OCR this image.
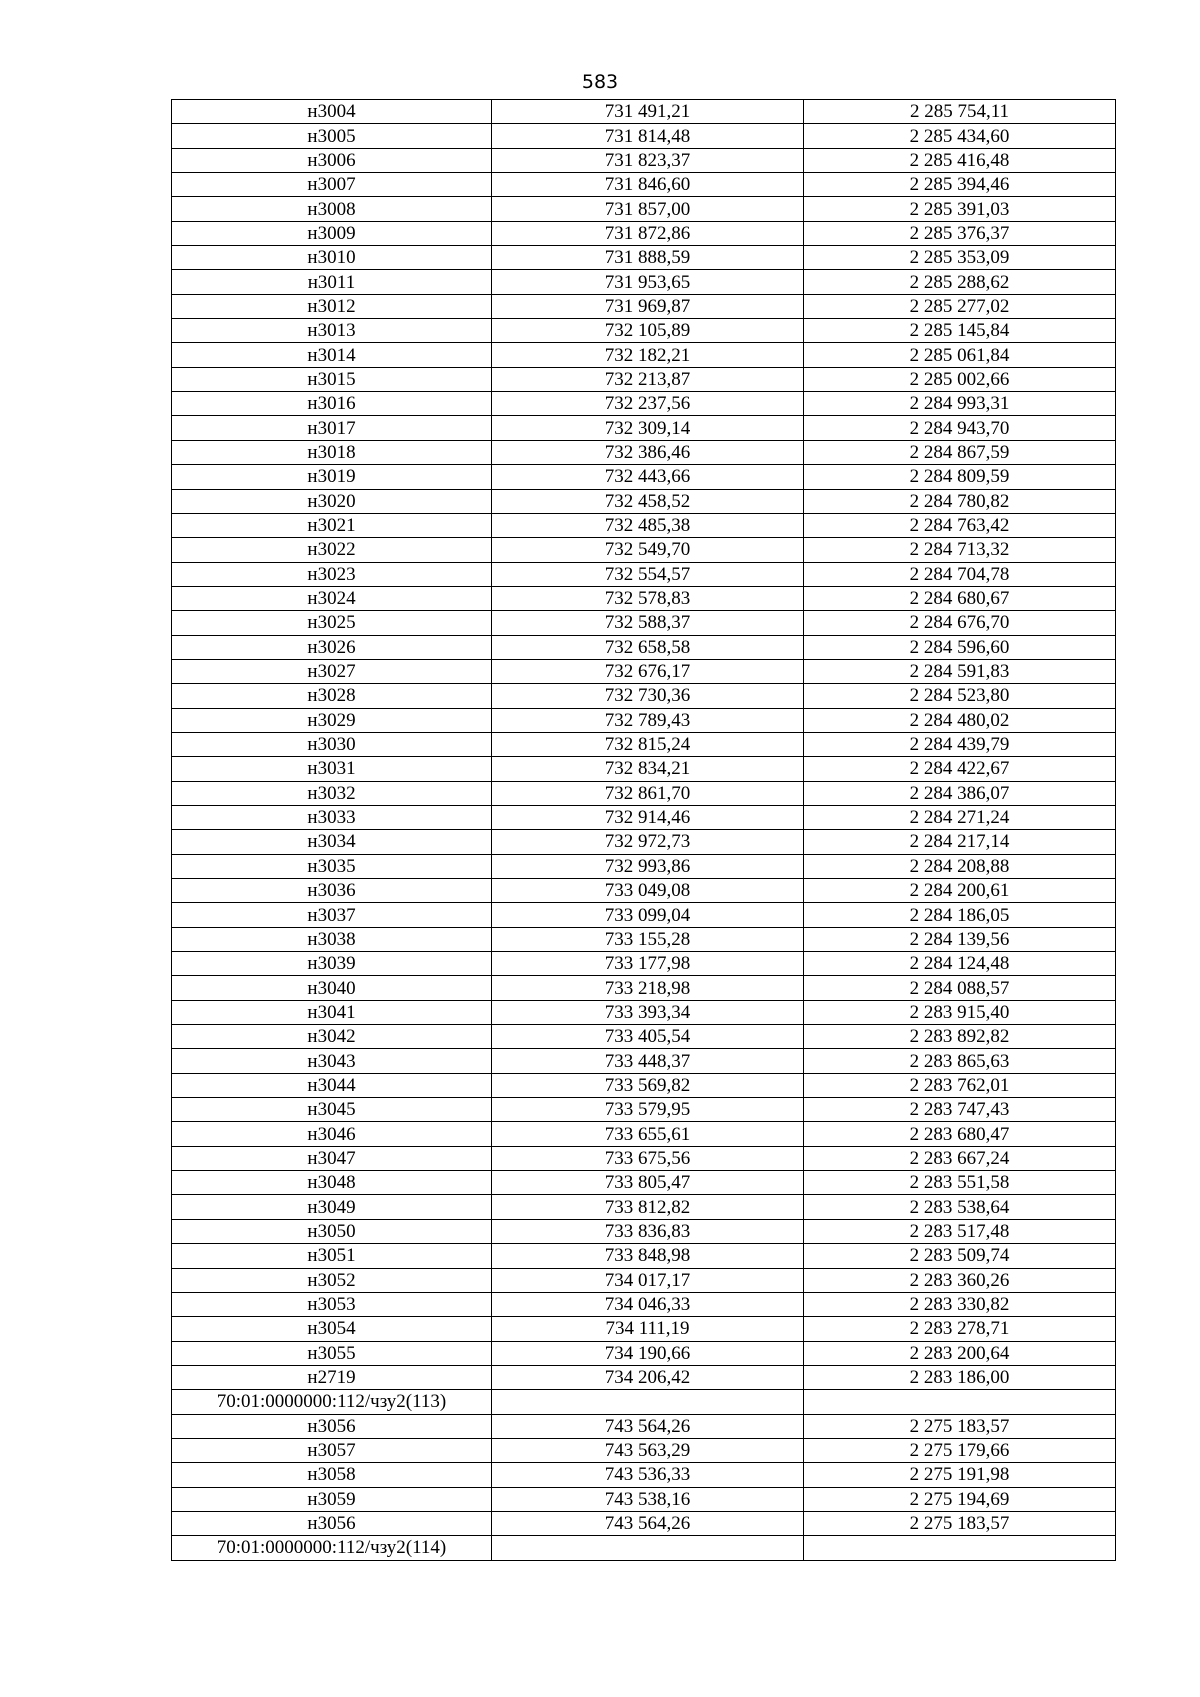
583
н3004	731 491,21	2 285 754,11
н3005	731 814,48	2 285 434,60
н3006	731 823,37	2 285 416,48
н3007	731 846,60	2 285 394,46
н3008	731 857,00	2 285 391,03
н3009	731 872,86	2 285 376,37
н3010	731 888,59	2 285 353,09
н3011	731 953,65	2 285 288,62
н3012	731 969,87	2 285 277,02
н3013	732 105,89	2 285 145,84
н3014	732 182,21	2 285 061,84
н3015	732 213,87	2 285 002,66
н3016	732 237,56	2 284 993,31
н3017	732 309,14	2 284 943,70
н3018	732 386,46	2 284 867,59
н3019	732 443,66	2 284 809,59
н3020	732 458,52	2 284 780,82
н3021	732 485,38	2 284 763,42
н3022	732 549,70	2 284 713,32
н3023	732 554,57	2 284 704,78
н3024	732 578,83	2 284 680,67
н3025	732 588,37	2 284 676,70
н3026	732 658,58	2 284 596,60
н3027	732 676,17	2 284 591,83
н3028	732 730,36	2 284 523,80
н3029	732 789,43	2 284 480,02
н3030	732 815,24	2 284 439,79
н3031	732 834,21	2 284 422,67
н3032	732 861,70	2 284 386,07
н3033	732 914,46	2 284 271,24
н3034	732 972,73	2 284 217,14
н3035	732 993,86	2 284 208,88
н3036	733 049,08	2 284 200,61
н3037	733 099,04	2 284 186,05
н3038	733 155,28	2 284 139,56
н3039	733 177,98	2 284 124,48
н3040	733 218,98	2 284 088,57
н3041	733 393,34	2 283 915,40
н3042	733 405,54	2 283 892,82
н3043	733 448,37	2 283 865,63
н3044	733 569,82	2 283 762,01
н3045	733 579,95	2 283 747,43
н3046	733 655,61	2 283 680,47
н3047	733 675,56	2 283 667,24
н3048	733 805,47	2 283 551,58
н3049	733 812,82	2 283 538,64
н3050	733 836,83	2 283 517,48
н3051	733 848,98	2 283 509,74
н3052	734 017,17	2 283 360,26
н3053	734 046,33	2 283 330,82
н3054	734 111,19	2 283 278,71
н3055	734 190,66	2 283 200,64
н2719	734 206,42	2 283 186,00
70:01:0000000:112/чзу2(113)		
н3056	743 564,26	2 275 183,57
н3057	743 563,29	2 275 179,66
н3058	743 536,33	2 275 191,98
н3059	743 538,16	2 275 194,69
н3056	743 564,26	2 275 183,57
70:01:0000000:112/чзу2(114)		
